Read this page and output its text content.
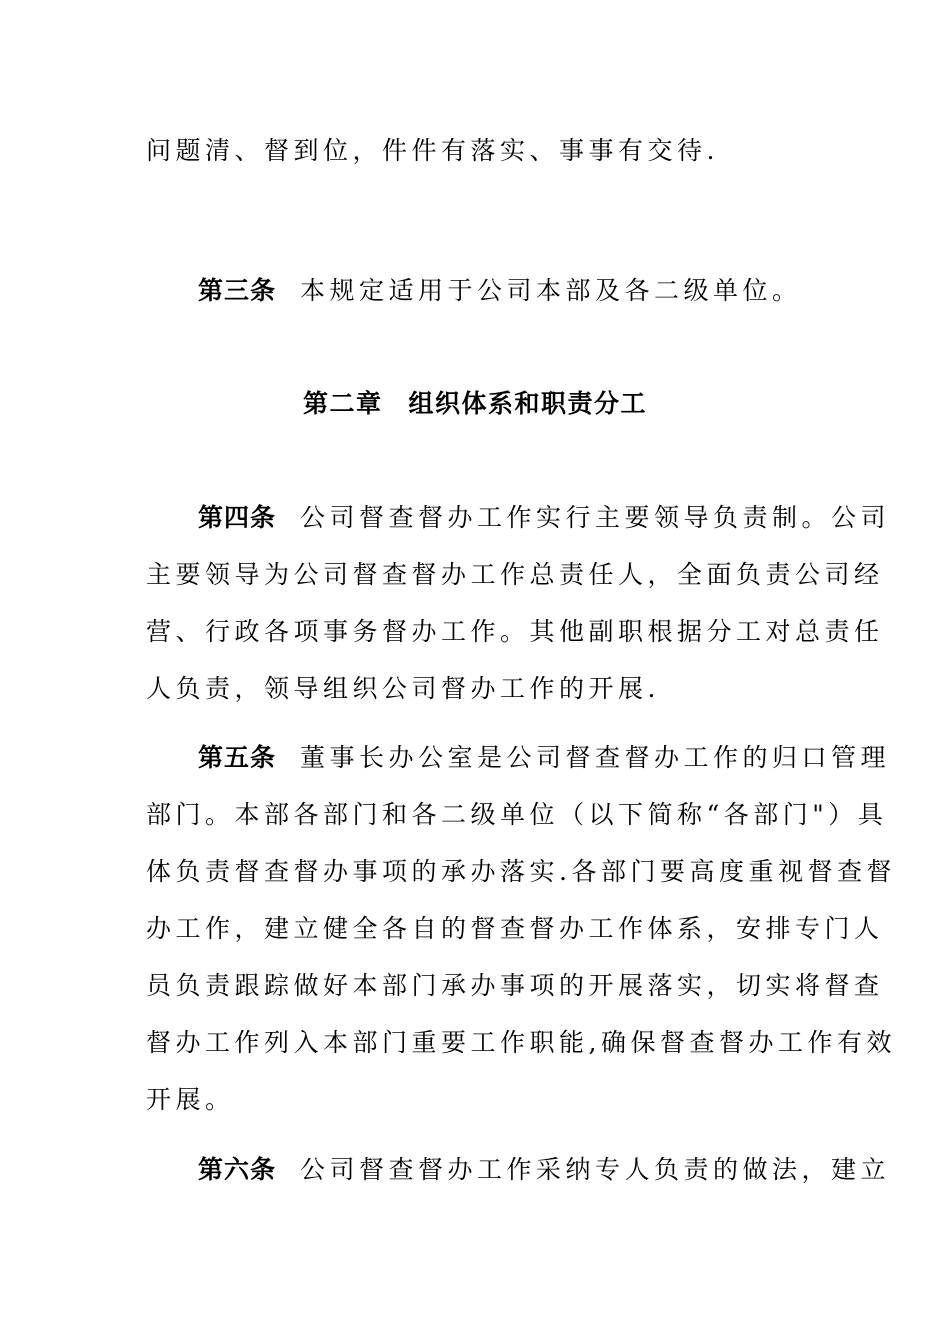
问题清、督到位，件件有落实、事事有交待.
第三条 本规定适用于公司本部及各二级单位。
第二章 组织体系和职责分工
第四条 公司督查督办工作实行主要领导负责制。公司
主要领导为公司督查督办工作总责任人，全面负责公司经
营、行政各项事务督办工作。其他副职根据分工对总责任
人负责，领导组织公司督办工作的开展.
第五条 董事长办公室是公司督查督办工作的归口管理
部门。本部各部门和各二级单位（以下简称“各部门"）具
体负责督查督办事项的承办落实.各部门要高度重视督查督
办工作，建立健全各自的督查督办工作体系，安排专门人
员负责跟踪做好本部门承办事项的开展落实，切实将督查
督办工作列入本部门重要工作职能,确保督查督办工作有效
开展。
第六条 公司督查督办工作采纳专人负责的做法，建立
